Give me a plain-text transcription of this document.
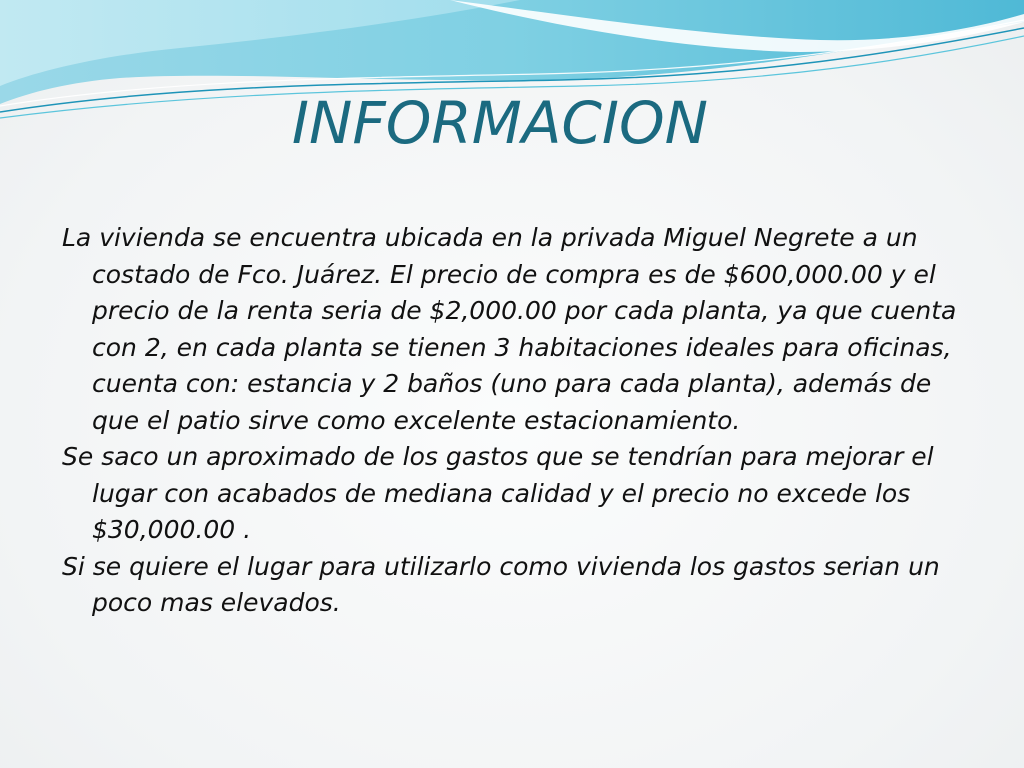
INFORMACION

La vivienda se encuentra ubicada en la privada Miguel Negrete a un costado de Fco. Juárez. El precio de compra es de $600,000.00 y el precio de la renta seria de $2,000.00 por cada planta, ya que cuenta con 2, en cada planta se tienen 3 habitaciones ideales para oficinas, cuenta con: estancia y 2 baños (uno para cada planta), además de que el patio sirve como excelente estacionamiento.

Se saco un aproximado de los gastos que se tendrían para mejorar el lugar con acabados de mediana calidad y el precio no excede los $30,000.00 .

Si se quiere el lugar para utilizarlo como vivienda los gastos serian un poco mas elevados.
